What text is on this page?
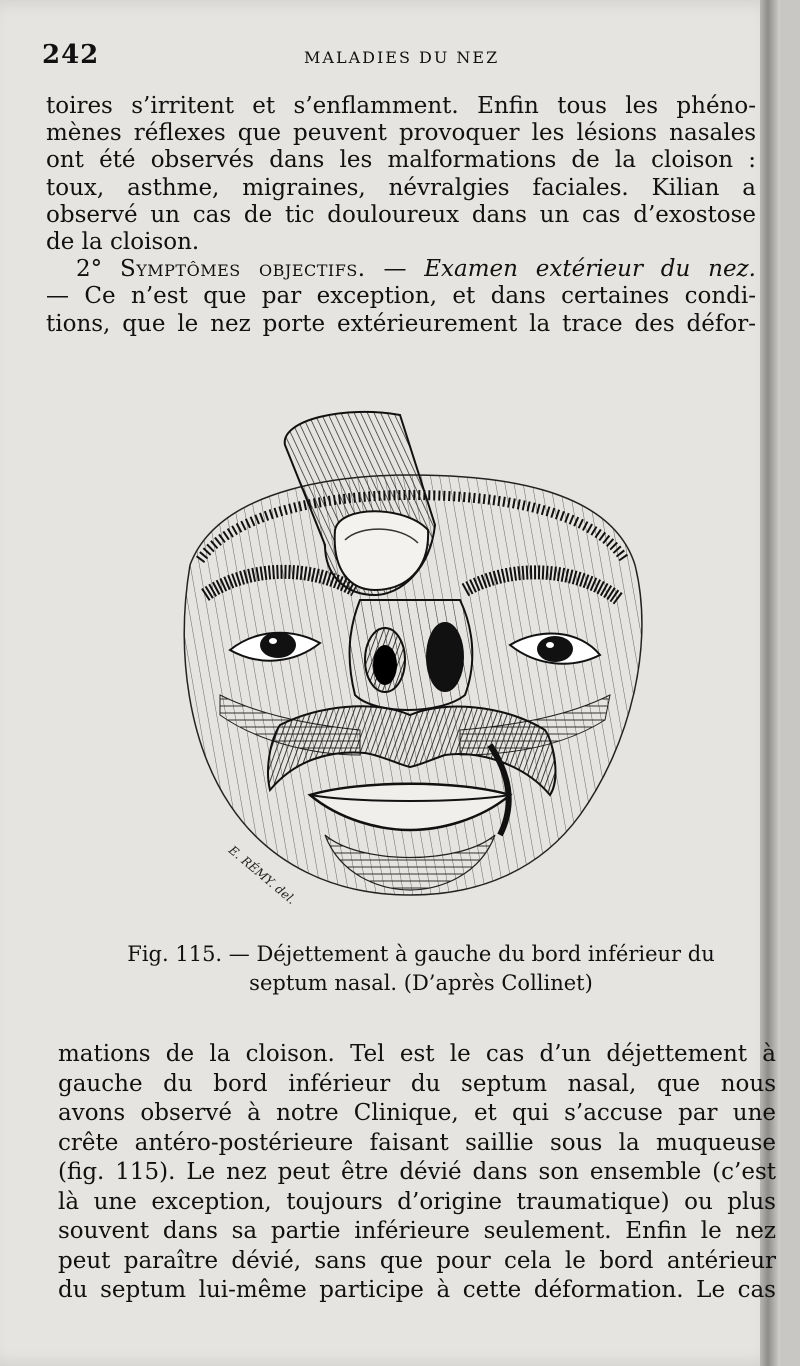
242	MALADIES DU NEZ
toires s’irritent et s’enflamment. Enfin tous les phéno-
mènes réflexes que peuvent provoquer les lésions nasales
ont été observés dans les malformations de la cloison :
toux, asthme, migraines, névralgies faciales. Kilian a
observé un cas de tic douloureux dans un cas d’exostose
de la cloison.
2° Symptômes objectifs. — Examen extérieur du nez.
— Ce n’est que par exception, et dans certaines condi-
tions, que le nez porte extérieurement la trace des défor-
E. RÉMY. del.
Fig. 115. — Déjettement à gauche du bord inférieur du
septum nasal. (D’après Collinet)
mations de la cloison. Tel est le cas d’un déjettement à
gauche du bord inférieur du septum nasal, que nous
avons observé à notre Clinique, et qui s’accuse par une
crête antéro-postérieure faisant saillie sous la muqueuse
(fig. 115). Le nez peut être dévié dans son ensemble (c’est
là une exception, toujours d’origine traumatique) ou plus
souvent dans sa partie inférieure seulement. Enfin le nez
peut paraître dévié, sans que pour cela le bord antérieur
du septum lui-même participe à cette déformation. Le cas
